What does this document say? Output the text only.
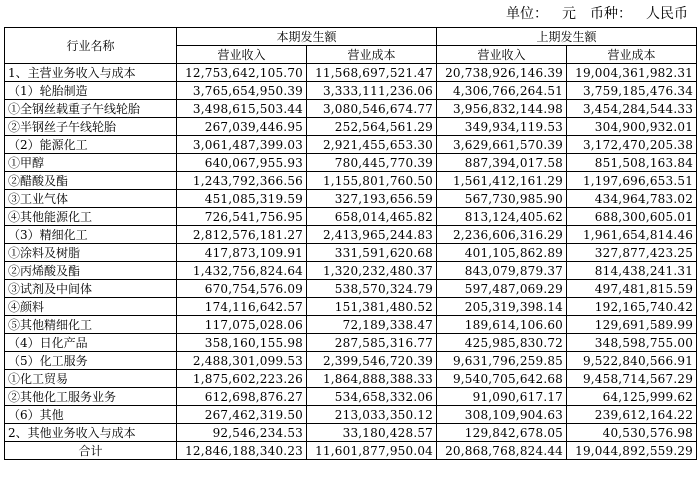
单位： 元 币种： 人民币
行业名称	本期发生额		上期发生额	
	营业收入	营业成本	营业收入	营业成本
1、主营业务收入与成本	12,753,642,105.70	11,568,697,521.47	20,738,926,146.39	19,004,361,982.31
（1）轮胎制造	3,765,654,950.39	3,333,111,236.06	4,306,766,264.51	3,759,185,476.34
①全钢丝载重子午线轮胎	3,498,615,503.44	3,080,546,674.77	3,956,832,144.98	3,454,284,544.33
②半钢丝子午线轮胎	267,039,446.95	252,564,561.29	349,934,119.53	304,900,932.01
（2）能源化工	3,061,487,399.03	2,921,455,653.30	3,629,661,570.39	3,172,470,205.38
①甲醇	640,067,955.93	780,445,770.39	887,394,017.58	851,508,163.84
②醋酸及酯	1,243,792,366.56	1,155,801,760.50	1,561,412,161.29	1,197,696,653.51
③工业气体	451,085,319.59	327,193,656.59	567,730,985.90	434,964,783.02
④其他能源化工	726,541,756.95	658,014,465.82	813,124,405.62	688,300,605.01
（3）精细化工	2,812,576,181.27	2,413,965,244.83	2,236,606,316.29	1,961,654,814.46
①涂料及树脂	417,873,109.91	331,591,620.68	401,105,862.89	327,877,423.25
②丙烯酸及酯	1,432,756,824.64	1,320,232,480.37	843,079,879.37	814,438,241.31
③试剂及中间体	670,754,576.09	538,570,324.79	597,487,069.29	497,481,815.59
④颜料	174,116,642.57	151,381,480.52	205,319,398.14	192,165,740.42
⑤其他精细化工	117,075,028.06	72,189,338.47	189,614,106.60	129,691,589.99
（4）日化产品	358,160,155.98	287,585,316.77	425,985,830.72	348,598,755.00
（5）化工服务	2,488,301,099.53	2,399,546,720.39	9,631,796,259.85	9,522,840,566.91
①化工贸易	1,875,602,223.26	1,864,888,388.33	9,540,705,642.68	9,458,714,567.29
②其他化工服务业务	612,698,876.27	534,658,332.06	91,090,617.17	64,125,999.62
（6）其他	267,462,319.50	213,033,350.12	308,109,904.63	239,612,164.22
2、其他业务收入与成本	92,546,234.53	33,180,428.57	129,842,678.05	40,530,576.98
合计	12,846,188,340.23	11,601,877,950.04	20,868,768,824.44	19,044,892,559.29
